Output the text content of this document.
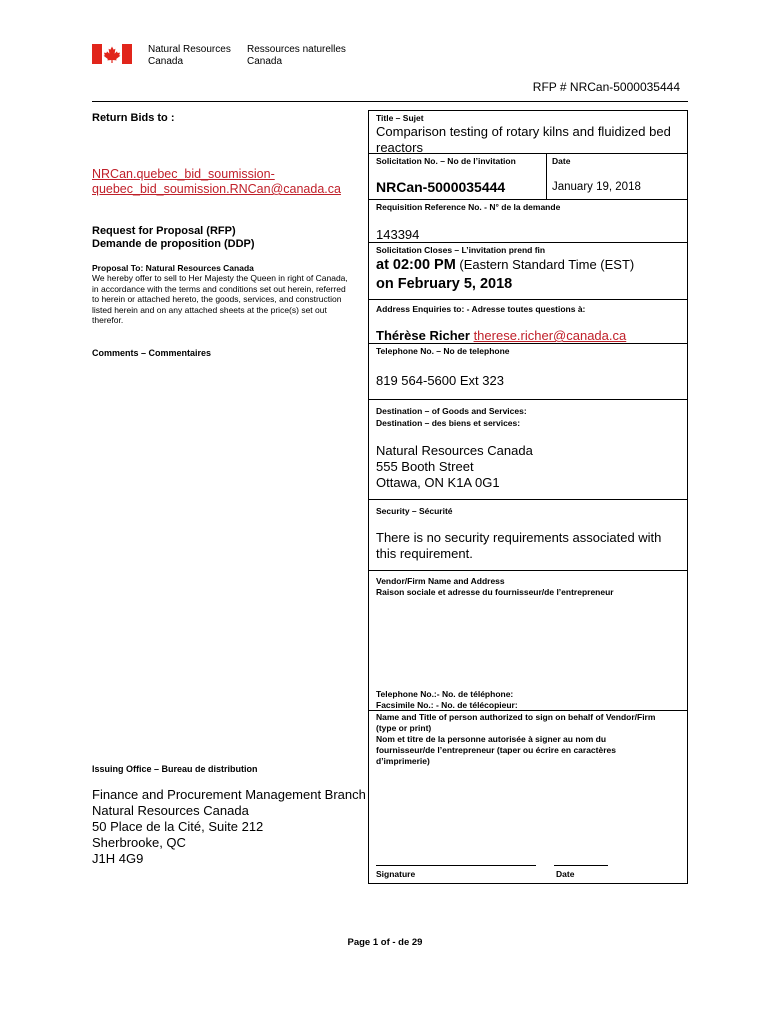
Natural Resources
Canada
Ressources naturelles
Canada
RFP # NRCan-5000035444
Return Bids to :
NRCan.quebec_bid_soumission-
quebec_bid_soumission.RNCan@canada.ca
Request for Proposal (RFP)
Demande de proposition (DDP)
Proposal To: Natural Resources Canada
We hereby offer to sell to Her Majesty the Queen in right of Canada,
in accordance with the terms and conditions set out herein, referred
to herein or attached hereto, the goods, services, and construction
listed herein and on any attached sheets at the price(s) set out
therefor.
Comments – Commentaires
Issuing Office – Bureau de distribution
Finance and Procurement Management Branch
Natural Resources Canada
50 Place de la Cité, Suite 212
Sherbrooke, QC
J1H 4G9
Title – Sujet
Comparison testing of rotary kilns and fluidized bed
reactors
Solicitation No. – No de l’invitation	Date
NRCan-5000035444	January 19, 2018
Requisition Reference No. - N° de la demande
143394
Solicitation Closes – L’invitation prend fin
at 02:00 PM (Eastern Standard Time (EST)
on February 5, 2018
Address Enquiries to: - Adresse toutes questions à:
Thérèse Richer therese.richer@canada.ca
Telephone No. – No de telephone
819 564-5600 Ext 323
Destination – of Goods and Services:
Destination – des biens et services:
Natural Resources Canada
555 Booth Street
Ottawa, ON K1A 0G1
Security – Sécurité
There is no security requirements associated with
this requirement.
Vendor/Firm Name and Address
Raison sociale et adresse du fournisseur/de l’entrepreneur
Telephone No.:- No. de téléphone:
Facsimile No.: - No. de télécopieur:
Name and Title of person authorized to sign on behalf of Vendor/Firm
(type or print)
Nom et titre de la personne autorisée à signer au nom du
fournisseur/de l’entrepreneur (taper ou écrire en caractères
d’imprimerie)
Signature	Date
Page 1 of - de 29
